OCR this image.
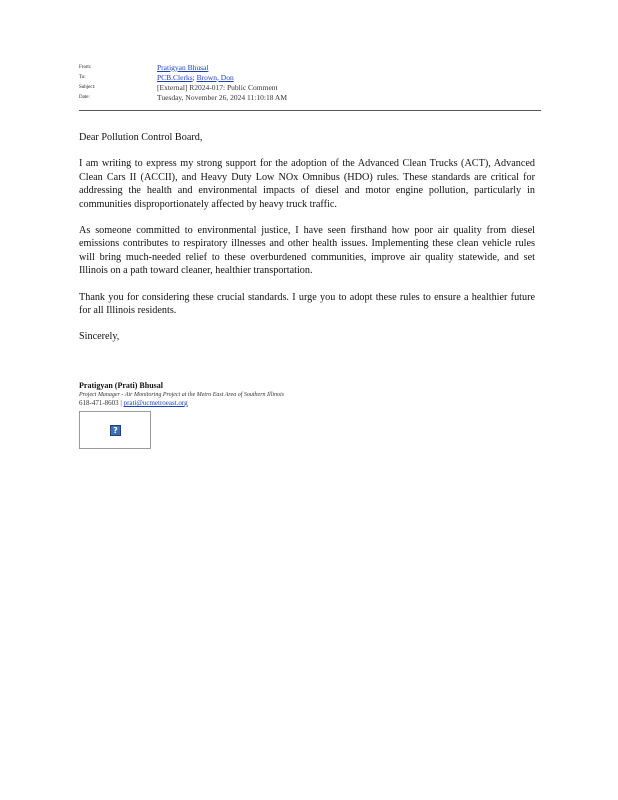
From:	Pratigyan Bhusal
To:	PCB.Clerks; Brown, Don
Subject:	[External] R2024-017: Public Comment
Date:	Tuesday, November 26, 2024 11:10:18 AM

Dear Pollution Control Board,

I am writing to express my strong support for the adoption of the Advanced Clean Trucks (ACT), Advanced Clean Cars II (ACCII), and Heavy Duty Low NOx Omnibus (HDO) rules. These standards are critical for addressing the health and environmental impacts of diesel and motor engine pollution, particularly in communities disproportionately affected by heavy truck traffic.

As someone committed to environmental justice, I have seen firsthand how poor air quality from diesel emissions contributes to respiratory illnesses and other health issues. Implementing these clean vehicle rules will bring much-needed relief to these overburdened communities, improve air quality statewide, and set Illinois on a path toward cleaner, healthier transportation.

Thank you for considering these crucial standards. I urge you to adopt these rules to ensure a healthier future for all Illinois residents.

Sincerely,

Pratigyan (Prati) Bhusal
Project Manager - Air Monitoring Project at the Metro East Area of Southern Illinois
618-471-8603 | prati@ucmetroeast.org
?
